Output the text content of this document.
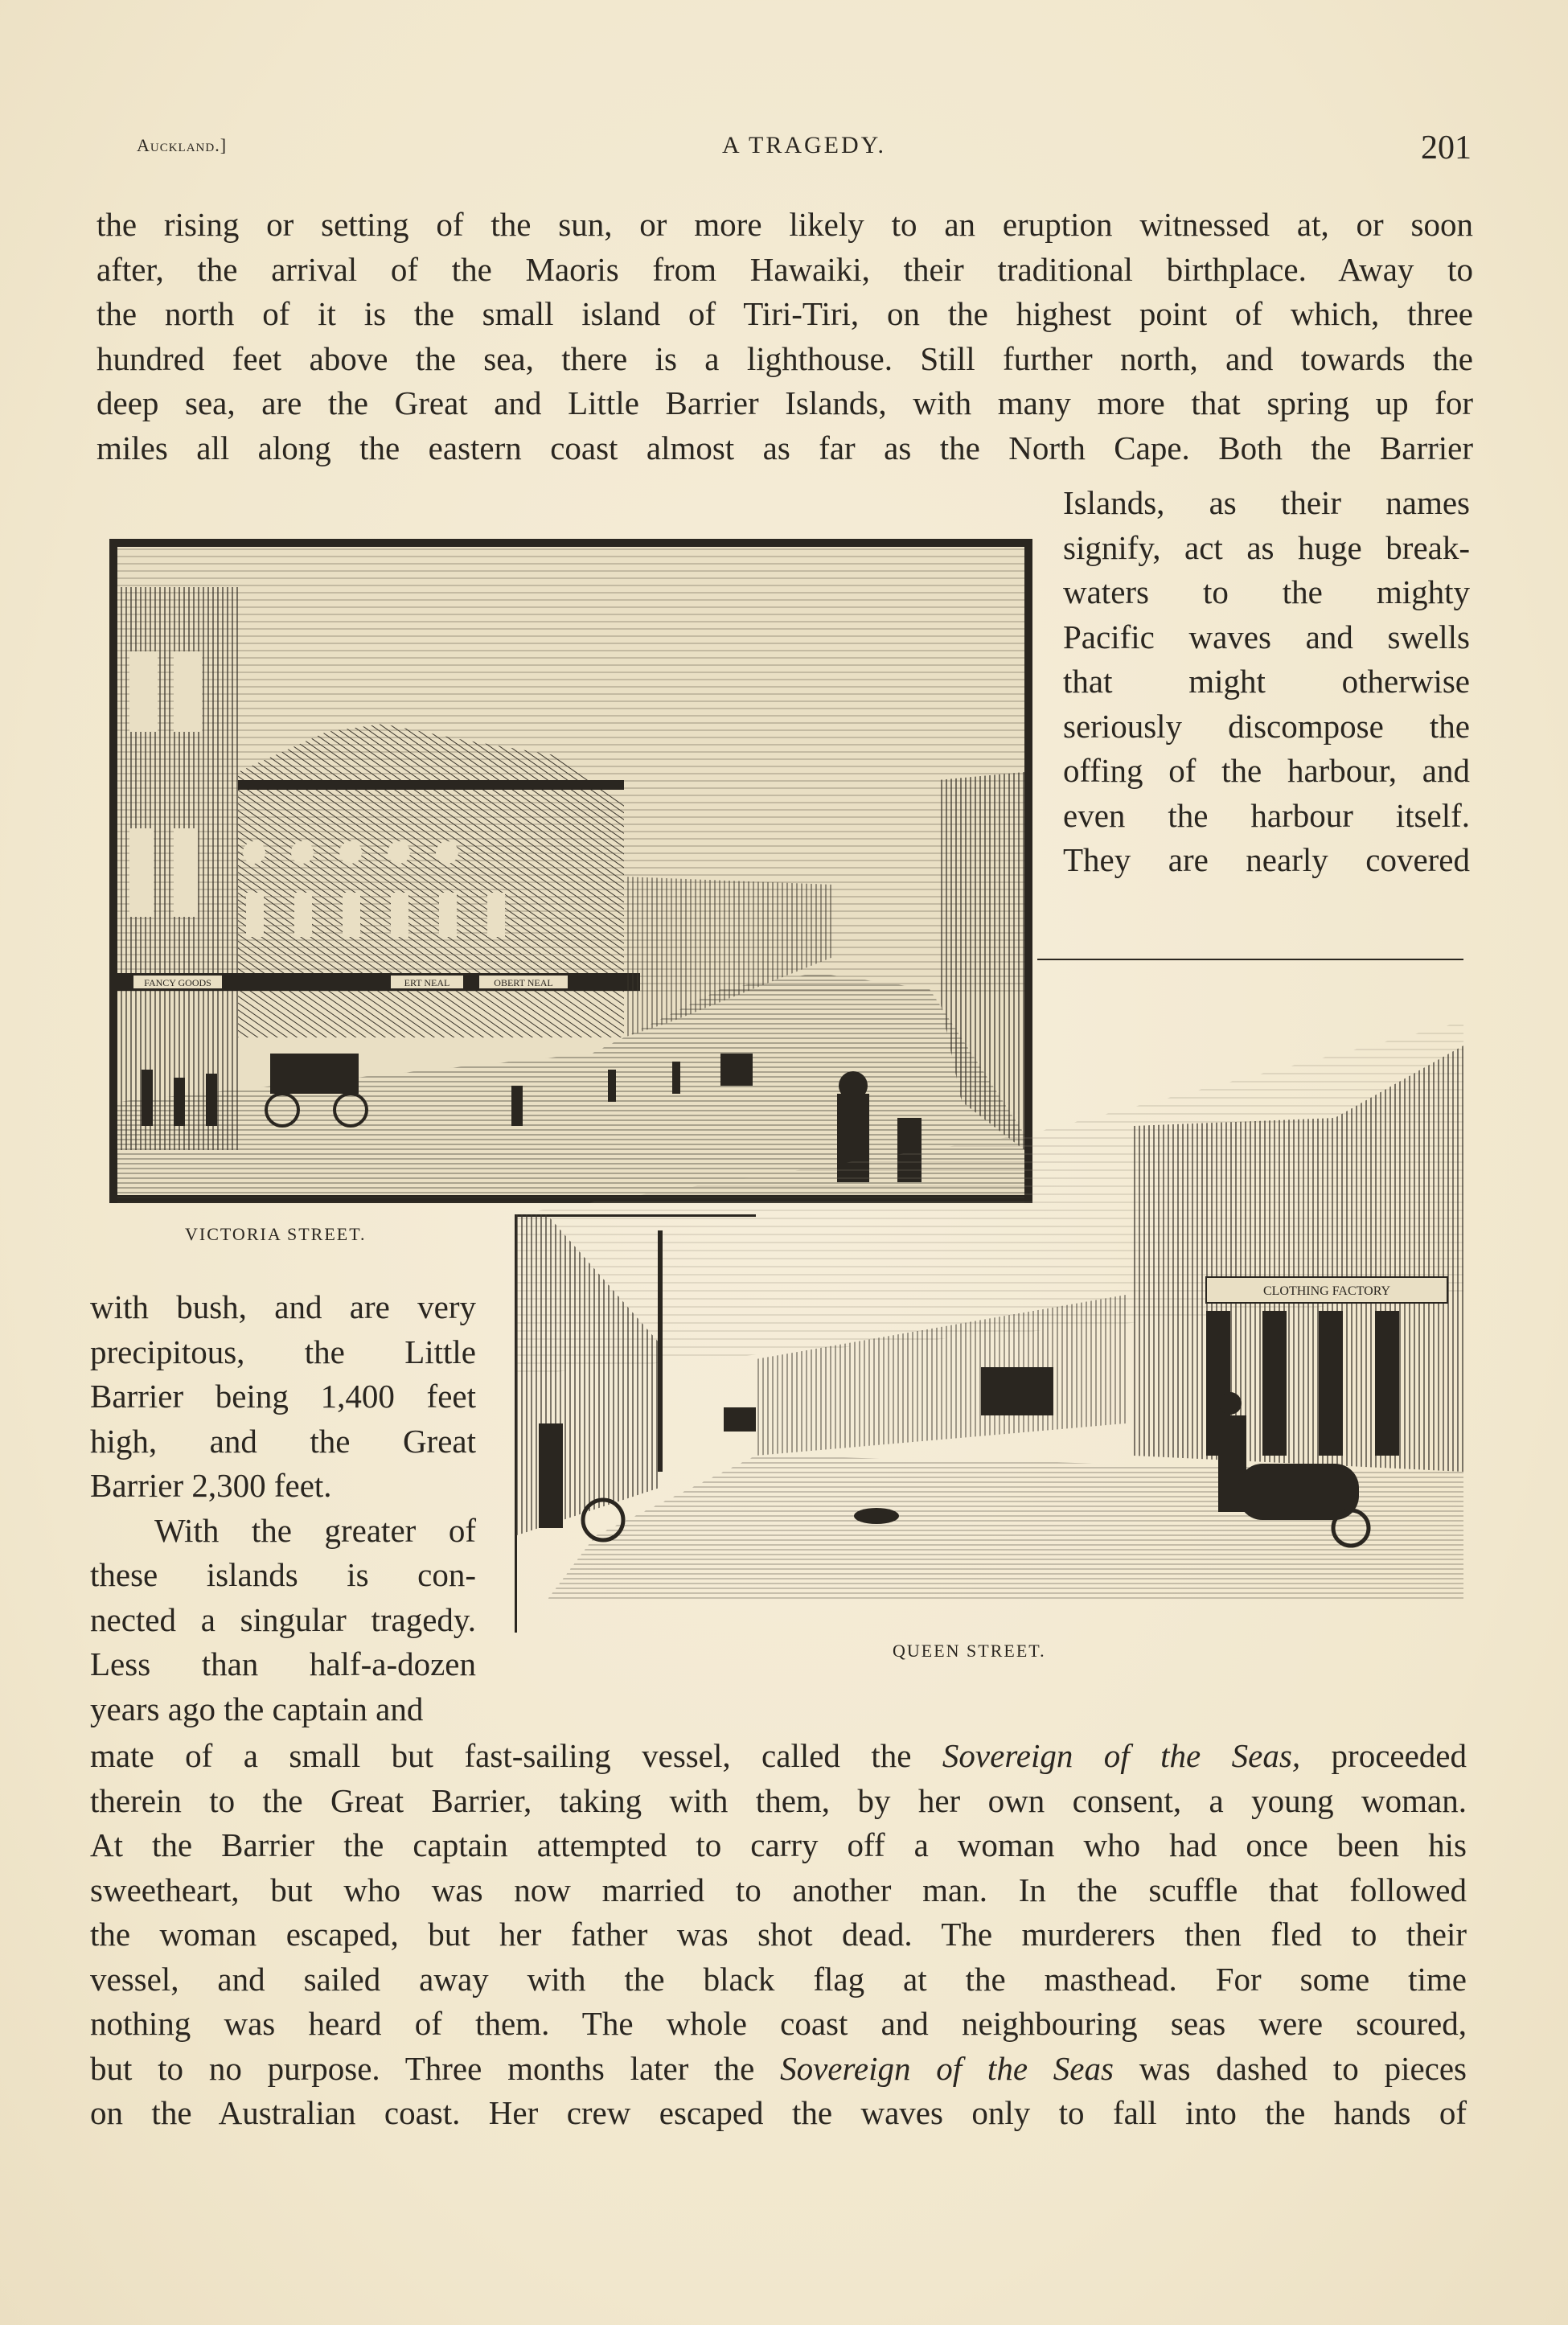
Auckland.]	A TRAGEDY.	201
the rising or setting of the sun, or more likely to an eruption witnessed at, or soon
after, the arrival of the Maoris from Hawaiki, their traditional birthplace. Away to
the north of it is the small island of Tiri-Tiri, on the highest point of which, three
hundred feet above the sea, there is a lighthouse. Still further north, and towards the
deep sea, are the Great and Little Barrier Islands, with many more that spring up for
miles all along the eastern coast almost as far as the North Cape. Both the Barrier
Islands, as their names
signify, act as huge break-
waters to the mighty
Pacific waves and swells
that might otherwise
seriously discompose the
offing of the harbour, and
even the harbour itself.
They are nearly covered
FANCY GOODS	ERT NEAL	OBERT NEAL
VICTORIA STREET.
with bush, and are very
precipitous, the Little
Barrier being 1,400 feet
high, and the Great
Barrier 2,300 feet.
With the greater of
these islands is con-
nected a singular tragedy.
Less than half-a-dozen
years ago the captain and
CLOTHING FACTORY
QUEEN STREET.
mate of a small but fast-sailing vessel, called the Sovereign of the Seas, proceeded
therein to the Great Barrier, taking with them, by her own consent, a young woman.
At the Barrier the captain attempted to carry off a woman who had once been his
sweetheart, but who was now married to another man. In the scuffle that followed
the woman escaped, but her father was shot dead. The murderers then fled to their
vessel, and sailed away with the black flag at the masthead. For some time
nothing was heard of them. The whole coast and neighbouring seas were scoured,
but to no purpose. Three months later the Sovereign of the Seas was dashed to pieces
on the Australian coast. Her crew escaped the waves only to fall into the hands of
